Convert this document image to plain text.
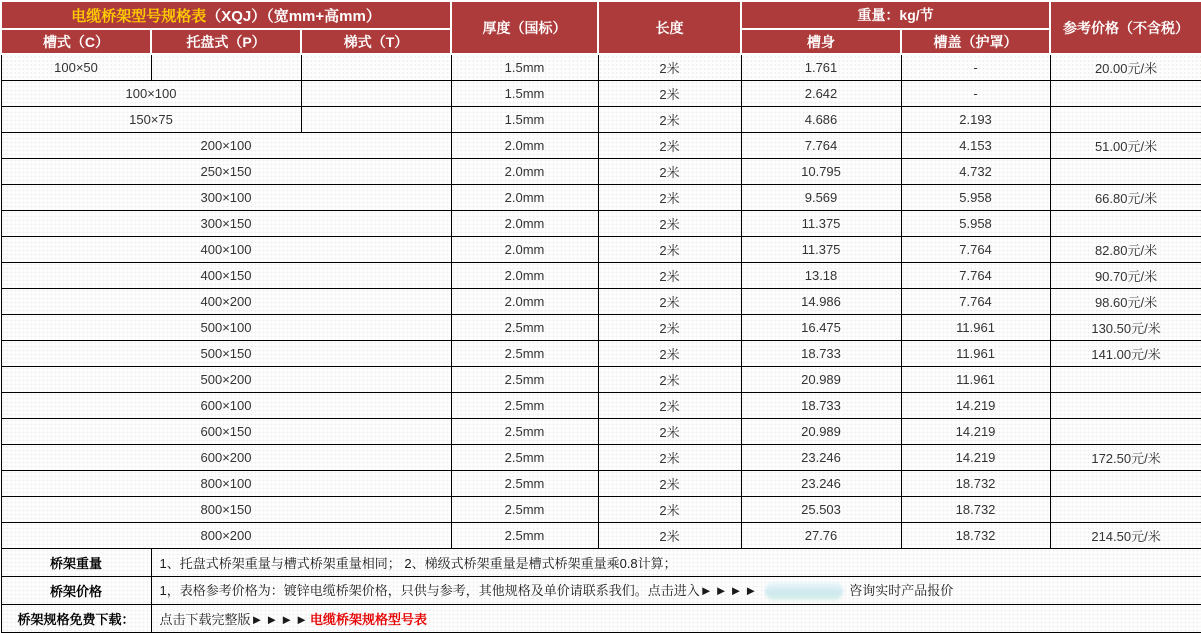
电缆桥架型号规格表（XQJ）（宽mm+高mm）			厚度（国标）	长度	重量：kg/节		参考价格（不含税）
槽式（C）	托盘式（P）	梯式（T）			槽身	槽盖（护罩）	
100×50			1.5mm	2米	1.761	-	20.00元/米
100×100			1.5mm	2米	2.642	-	
150×75			1.5mm	2米	4.686	2.193	
200×100			2.0mm	2米	7.764	4.153	51.00元/米
250×150			2.0mm	2米	10.795	4.732	
300×100			2.0mm	2米	9.569	5.958	66.80元/米
300×150			2.0mm	2米	11.375	5.958	
400×100			2.0mm	2米	11.375	7.764	82.80元/米
400×150			2.0mm	2米	13.18	7.764	90.70元/米
400×200			2.0mm	2米	14.986	7.764	98.60元/米
500×100			2.5mm	2米	16.475	11.961	130.50元/米
500×150			2.5mm	2米	18.733	11.961	141.00元/米
500×200			2.5mm	2米	20.989	11.961	
600×100			2.5mm	2米	18.733	14.219	
600×150			2.5mm	2米	20.989	14.219	
600×200			2.5mm	2米	23.246	14.219	172.50元/米
800×100			2.5mm	2米	23.246	18.732	
800×150			2.5mm	2米	25.503	18.732	
800×200			2.5mm	2米	27.76	18.732	214.50元/米
桥架重量	1、托盘式桥架重量与槽式桥架重量相同； 2、梯级式桥架重量是槽式桥架重量乘0.8计算；						
桥架价格	1，表格参考价格为：镀锌电缆桥架价格，只供与参考，其他规格及单价请联系我们。点击进入►►►► 咨询实时产品报价						
桥架规格免费下载：	点击下载完整版►►►►电缆桥架规格型号表						
